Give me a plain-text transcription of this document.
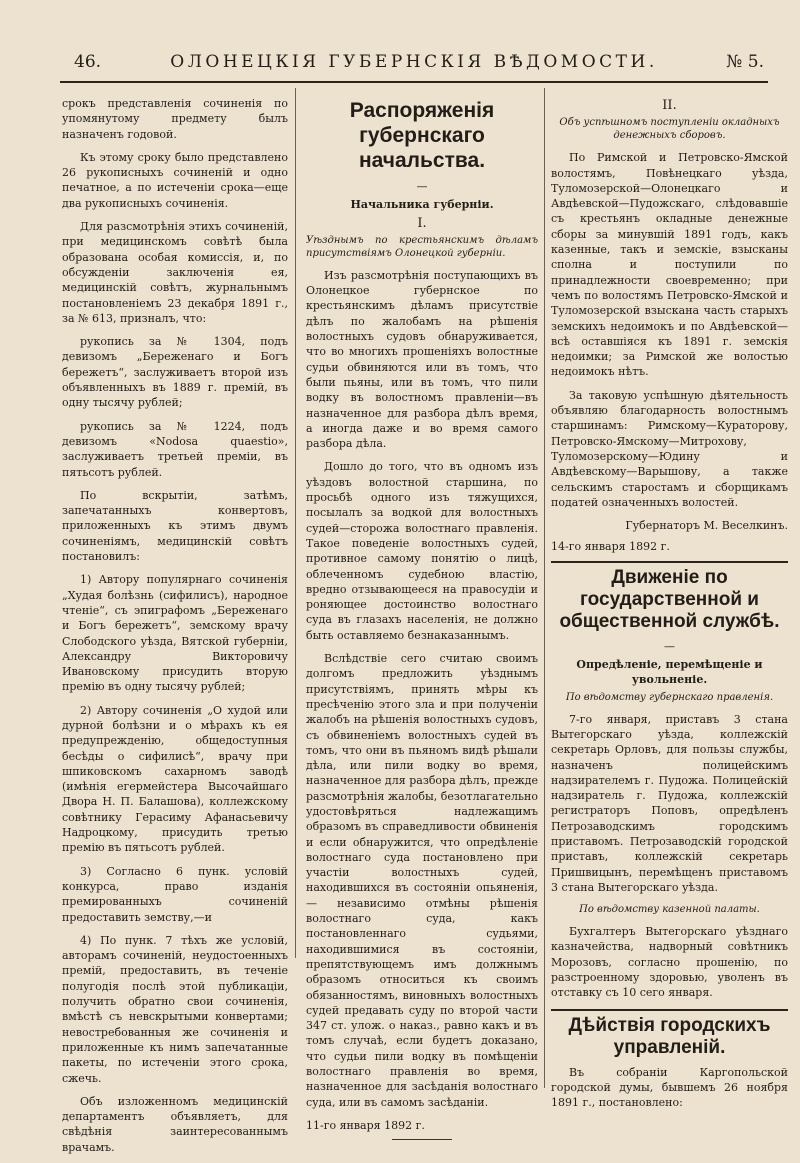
46.	ОЛОНЕЦКІЯ ГУБЕРНСКІЯ ВѢДОМОСТИ.	№ 5.

срокъ представленія сочиненія по упомянутому предмету былъ назначенъ годовой.

Къ этому сроку было представлено 26 рукописныхъ сочиненій и одно печатное, а по истеченіи срока—еще два рукописныхъ сочиненія.

Для разсмотрѣнія этихъ сочиненій, при медицинскомъ совѣтѣ была образована особая комиссія, и, по обсужденіи заключенія ея, медицинскій совѣтъ, журнальнымъ постановленіемъ 23 декабря 1891 г., за № 613, призналъ, что:

рукопись за № 1304, подъ девизомъ „Береженаго и Богъ бережетъ“, заслуживаетъ второй изъ объявленныхъ въ 1889 г. премій, въ одну тысячу рублей;

рукопись за № 1224, подъ девизомъ «Nodosa quaestio», заслуживаетъ третьей преміи, въ пятьсотъ рублей.

По вскрытіи, затѣмъ, запечатанныхъ конвертовъ, приложенныхъ къ этимъ двумъ сочиненіямъ, медицинскій совѣтъ постановилъ:

1) Автору популярнаго сочиненія „Худая болѣзнь (сифилисъ), народное чтеніе“, съ эпиграфомъ „Береженаго и Богъ бережетъ“, земскому врачу Слободского уѣзда, Вятской губерніи, Александру Викторовичу Ивановскому присудить вторую премію въ одну тысячу рублей;

2) Автору сочиненія „О худой или дурной болѣзни и о мѣрахъ къ ея предупрежденію, общедоступныя бесѣды о сифилисѣ“, врачу при шпиковскомъ сахарномъ заводѣ (имѣнія егермейстера Высочайшаго Двора Н. П. Балашова), коллежскому совѣтнику Герасиму Афанасьевичу Надроцкому, присудить третью премію въ пятьсотъ рублей.

3) Согласно 6 пунк. условій конкурса, право изданія премированныхъ сочиненій предоставить земству,—и

4) По пунк. 7 тѣхъ же условій, авторамъ сочиненій, неудостоенныхъ премій, предоставить, въ теченіе полугодія послѣ этой публикаціи, получить обратно свои сочиненія, вмѣстѣ съ невскрытыми конвертами; невостребованныя же сочиненія и приложенные къ нимъ запечатанные пакеты, по истеченіи этого срока, сжечь.

Объ изложенномъ медицинскій департаментъ объявляетъ, для свѣдѣнія заинтересованнымъ врачамъ.

Распоряженія губернскаго начальства.
—
Начальника губерніи.
I.
Уѣзднымъ по крестьянскимъ дѣламъ присутствіямъ Олонецкой губерніи.

Изъ разсмотрѣнія поступающихъ въ Олонецкое губернское по крестьянскимъ дѣламъ присутствіе дѣлъ по жалобамъ на рѣшенія волостныхъ судовъ обнаруживается, что во многихъ прошеніяхъ волостные судьи обвиняются или въ томъ, что были пьяны, или въ томъ, что пили водку въ волостномъ правленіи—въ назначенное для разбора дѣлъ время, а иногда даже и во время самого разбора дѣла.

Дошло до того, что въ одномъ изъ уѣздовъ волостной старшина, по просьбѣ одного изъ тяжущихся, посылалъ за водкой для волостныхъ судей—сторожа волостнаго правленія. Такое поведеніе волостныхъ судей, противное самому понятію о лицѣ, облеченномъ судебною властію, вредно отзывающееся на правосудіи и роняющее достоинство волостнаго суда въ глазахъ населенія, не должно быть оставляемо безнаказаннымъ.

Вслѣдствіе сего считаю своимъ долгомъ предложить уѣзднымъ присутствіямъ, принять мѣры къ пресѣченію этого зла и при полученіи жалобъ на рѣшенія волостныхъ судовъ, съ обвиненіемъ волостныхъ судей въ томъ, что они въ пьяномъ видѣ рѣшали дѣла, или пили водку во время, назначенное для разбора дѣлъ, прежде разсмотрѣнія жалобы, безотлагательно удостовѣряться надлежащимъ образомъ въ справедливости обвиненія и если обнаружится, что опредѣленіе волостнаго суда постановлено при участіи волостныхъ судей, находившихся въ состояніи опьяненія, — независимо отмѣны рѣшенія волостнаго суда, какъ постановленнаго судьями, находившимися въ состояніи, препятствующемъ имъ должнымъ образомъ относиться къ своимъ обязанностямъ, виновныхъ волостныхъ судей предавать суду по второй части 347 ст. улож. о наказ., равно какъ и въ томъ случаѣ, если будетъ доказано, что судьи пили водку въ помѣщеніи волостнаго правленія во время, назначенное для засѣданія волостнаго суда, или въ самомъ засѣданіи.

11-го января 1892 г.
II.
Объ успѣшномъ поступленіи окладныхъ денежныхъ сборовъ.

По Римской и Петровско-Ямской волостямъ, Повѣнецкаго уѣзда, Туломозерской—Олонецкаго и Авдѣевской—Пудожскаго, слѣдовавшіе съ крестьянъ окладные денежные сборы за минувшій 1891 годъ, какъ казенные, такъ и земскіе, взысканы сполна и поступили по принадлежности своевременно; при чемъ по волостямъ Петровско-Ямской и Туломозерской взыскана часть старыхъ земскихъ недоимокъ и по Авдѣевской—всѣ оставшіяся къ 1891 г. земскія недоимки; за Римской же волостью недоимокъ нѣтъ.

За таковую успѣшную дѣятельность объявляю благодарность волостнымъ старшинамъ: Римскому—Кураторову, Петровско-Ямскому—Митрохову, Туломозерскому—Юдину и Авдѣевскому—Варышову, а также сельскимъ старостамъ и сборщикамъ податей означенныхъ волостей.

Губернаторъ М. Веселкинъ.
14-го января 1892 г.
Движеніе по государственной и общественной службѣ.
—
Опредѣленіе, перемѣщеніе и увольненіе.
По вѣдомству губернскаго правленія.

7-го января, приставъ 3 стана Вытегорскаго уѣзда, коллежскій секретарь Орловъ, для пользы службы, назначенъ полицейскимъ надзирателемъ г. Пудожа. Полицейскій надзиратель г. Пудожа, коллежскій регистраторъ Поповъ, опредѣленъ Петрозаводскимъ городскимъ приставомъ. Петрозаводскій городской приставъ, коллежскій секретарь Пришвицынъ, перемѣщенъ приставомъ 3 стана Вытегорскаго уѣзда.

По вѣдомству казенной палаты.

Бухгалтеръ Вытегорскаго уѣзднаго казначейства, надворный совѣтникъ Морозовъ, согласно прошенію, по разстроенному здоровью, уволенъ въ отставку съ 10 сего января.

Дѣйствія городскихъ управленій.

Въ собраніи Каргопольской городской думы, бывшемъ 26 ноября 1891 г., постановлено:
